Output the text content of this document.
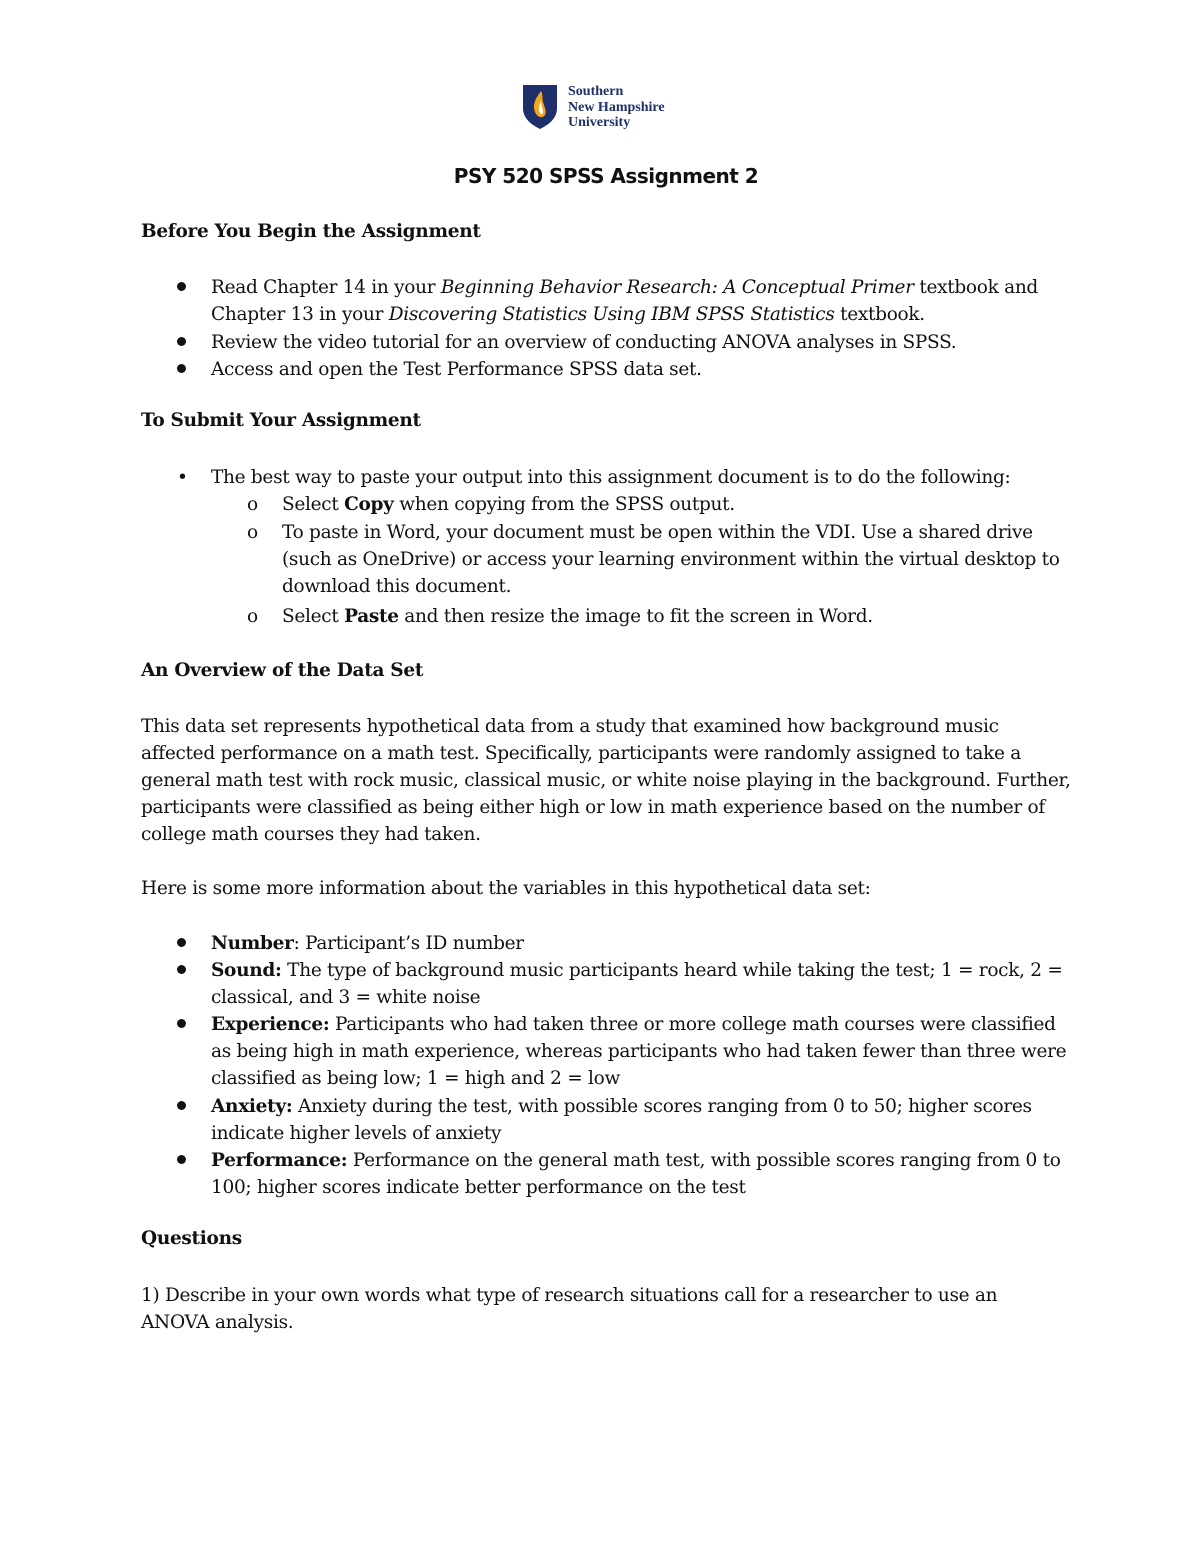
Southern
New Hampshire
University
PSY 520 SPSS Assignment 2
Before You Begin the Assignment
Read Chapter 14 in your Beginning Behavior Research: A Conceptual Primer textbook and Chapter 13 in your Discovering Statistics Using IBM SPSS Statistics textbook.
Review the video tutorial for an overview of conducting ANOVA analyses in SPSS.
Access and open the Test Performance SPSS data set.
To Submit Your Assignment
• The best way to paste your output into this assignment document is to do the following:
o Select Copy when copying from the SPSS output.
o To paste in Word, your document must be open within the VDI. Use a shared drive (such as OneDrive) or access your learning environment within the virtual desktop to download this document.
o Select Paste and then resize the image to fit the screen in Word.
An Overview of the Data Set
This data set represents hypothetical data from a study that examined how background music affected performance on a math test. Specifically, participants were randomly assigned to take a general math test with rock music, classical music, or white noise playing in the background. Further, participants were classified as being either high or low in math experience based on the number of college math courses they had taken.
Here is some more information about the variables in this hypothetical data set:
Number: Participant’s ID number
Sound: The type of background music participants heard while taking the test; 1 = rock, 2 = classical, and 3 = white noise
Experience: Participants who had taken three or more college math courses were classified as being high in math experience, whereas participants who had taken fewer than three were classified as being low; 1 = high and 2 = low
Anxiety: Anxiety during the test, with possible scores ranging from 0 to 50; higher scores indicate higher levels of anxiety
Performance: Performance on the general math test, with possible scores ranging from 0 to 100; higher scores indicate better performance on the test
Questions
1) Describe in your own words what type of research situations call for a researcher to use an ANOVA analysis.
